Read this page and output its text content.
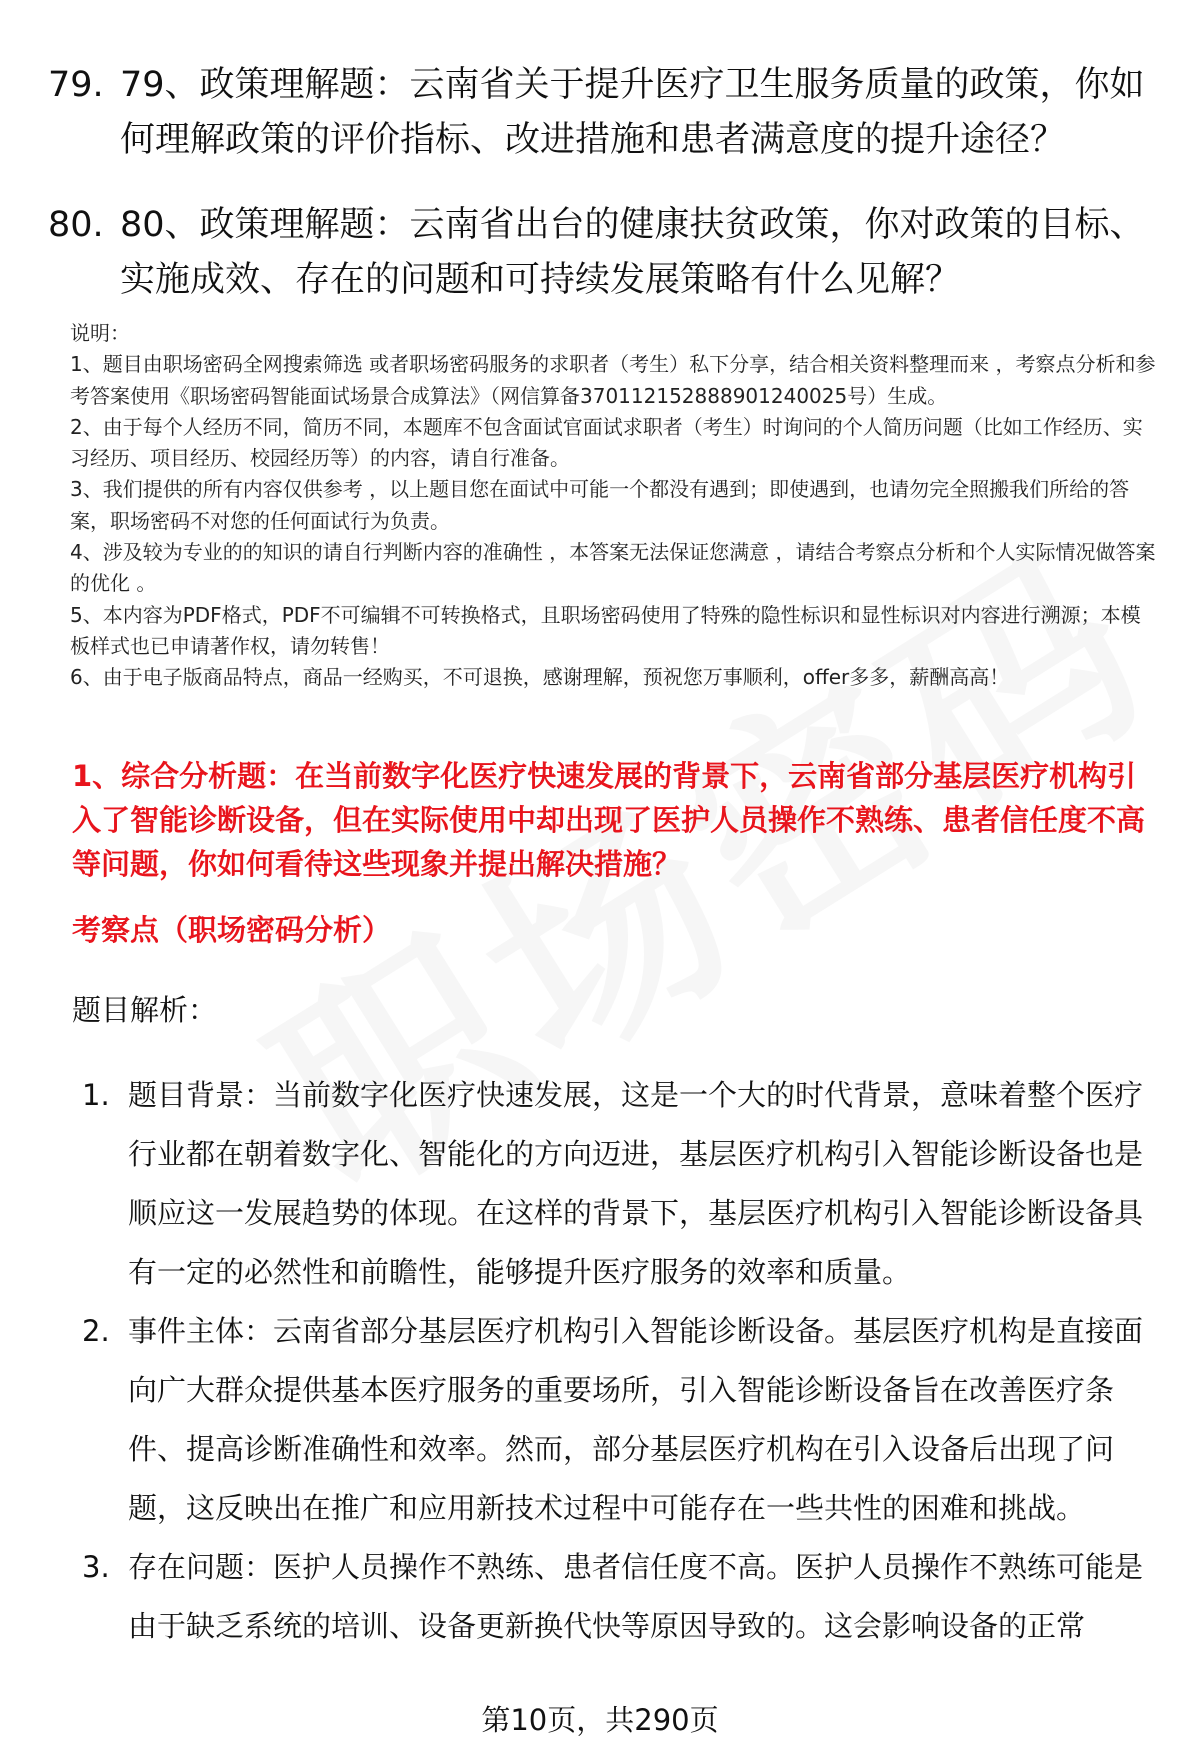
79. 79、政策理解题：云南省关于提升医疗卫生服务质量的政策，你如何理解政策的评价指标、改进措施和患者满意度的提升途径？
80. 80、政策理解题：云南省出台的健康扶贫政策，你对政策的目标、实施成效、存在的问题和可持续发展策略有什么见解？
说明：
1、题目由职场密码全网搜索筛选 或者职场密码服务的求职者（考生）私下分享，结合相关资料整理而来 ，考察点分析和参考答案使用《职场密码智能面试场景合成算法》（网信算备370112152888901240025号）生成。
2、由于每个人经历不同，简历不同，本题库不包含面试官面试求职者（考生）时询问的个人简历问题（比如工作经历、实习经历、项目经历、校园经历等）的内容，请自行准备。
3、我们提供的所有内容仅供参考 ，以上题目您在面试中可能一个都没有遇到；即使遇到，也请勿完全照搬我们所给的答案，职场密码不对您的任何面试行为负责。
4、涉及较为专业的的知识的请自行判断内容的准确性 ，本答案无法保证您满意 ，请结合考察点分析和个人实际情况做答案的优化 。
5、本内容为PDF格式，PDF不可编辑不可转换格式，且职场密码使用了特殊的隐性标识和显性标识对内容进行溯源；本模板样式也已申请著作权，请勿转售！
6、由于电子版商品特点，商品一经购买，不可退换，感谢理解，预祝您万事顺利，offer多多，薪酬高高！
1、综合分析题：在当前数字化医疗快速发展的背景下，云南省部分基层医疗机构引入了智能诊断设备，但在实际使用中却出现了医护人员操作不熟练、患者信任度不高等问题，你如何看待这些现象并提出解决措施？
考察点（职场密码分析）
题目解析：
1. 题目背景：当前数字化医疗快速发展，这是一个大的时代背景，意味着整个医疗行业都在朝着数字化、智能化的方向迈进，基层医疗机构引入智能诊断设备也是顺应这一发展趋势的体现。在这样的背景下，基层医疗机构引入智能诊断设备具有一定的必然性和前瞻性，能够提升医疗服务的效率和质量。
2. 事件主体：云南省部分基层医疗机构引入智能诊断设备。基层医疗机构是直接面向广大群众提供基本医疗服务的重要场所，引入智能诊断设备旨在改善医疗条件、提高诊断准确性和效率。然而，部分基层医疗机构在引入设备后出现了问题，这反映出在推广和应用新技术过程中可能存在一些共性的困难和挑战。
3. 存在问题：医护人员操作不熟练、患者信任度不高。医护人员操作不熟练可能是由于缺乏系统的培训、设备更新换代快等原因导致的。这会影响设备的正常
第10页，共290页
